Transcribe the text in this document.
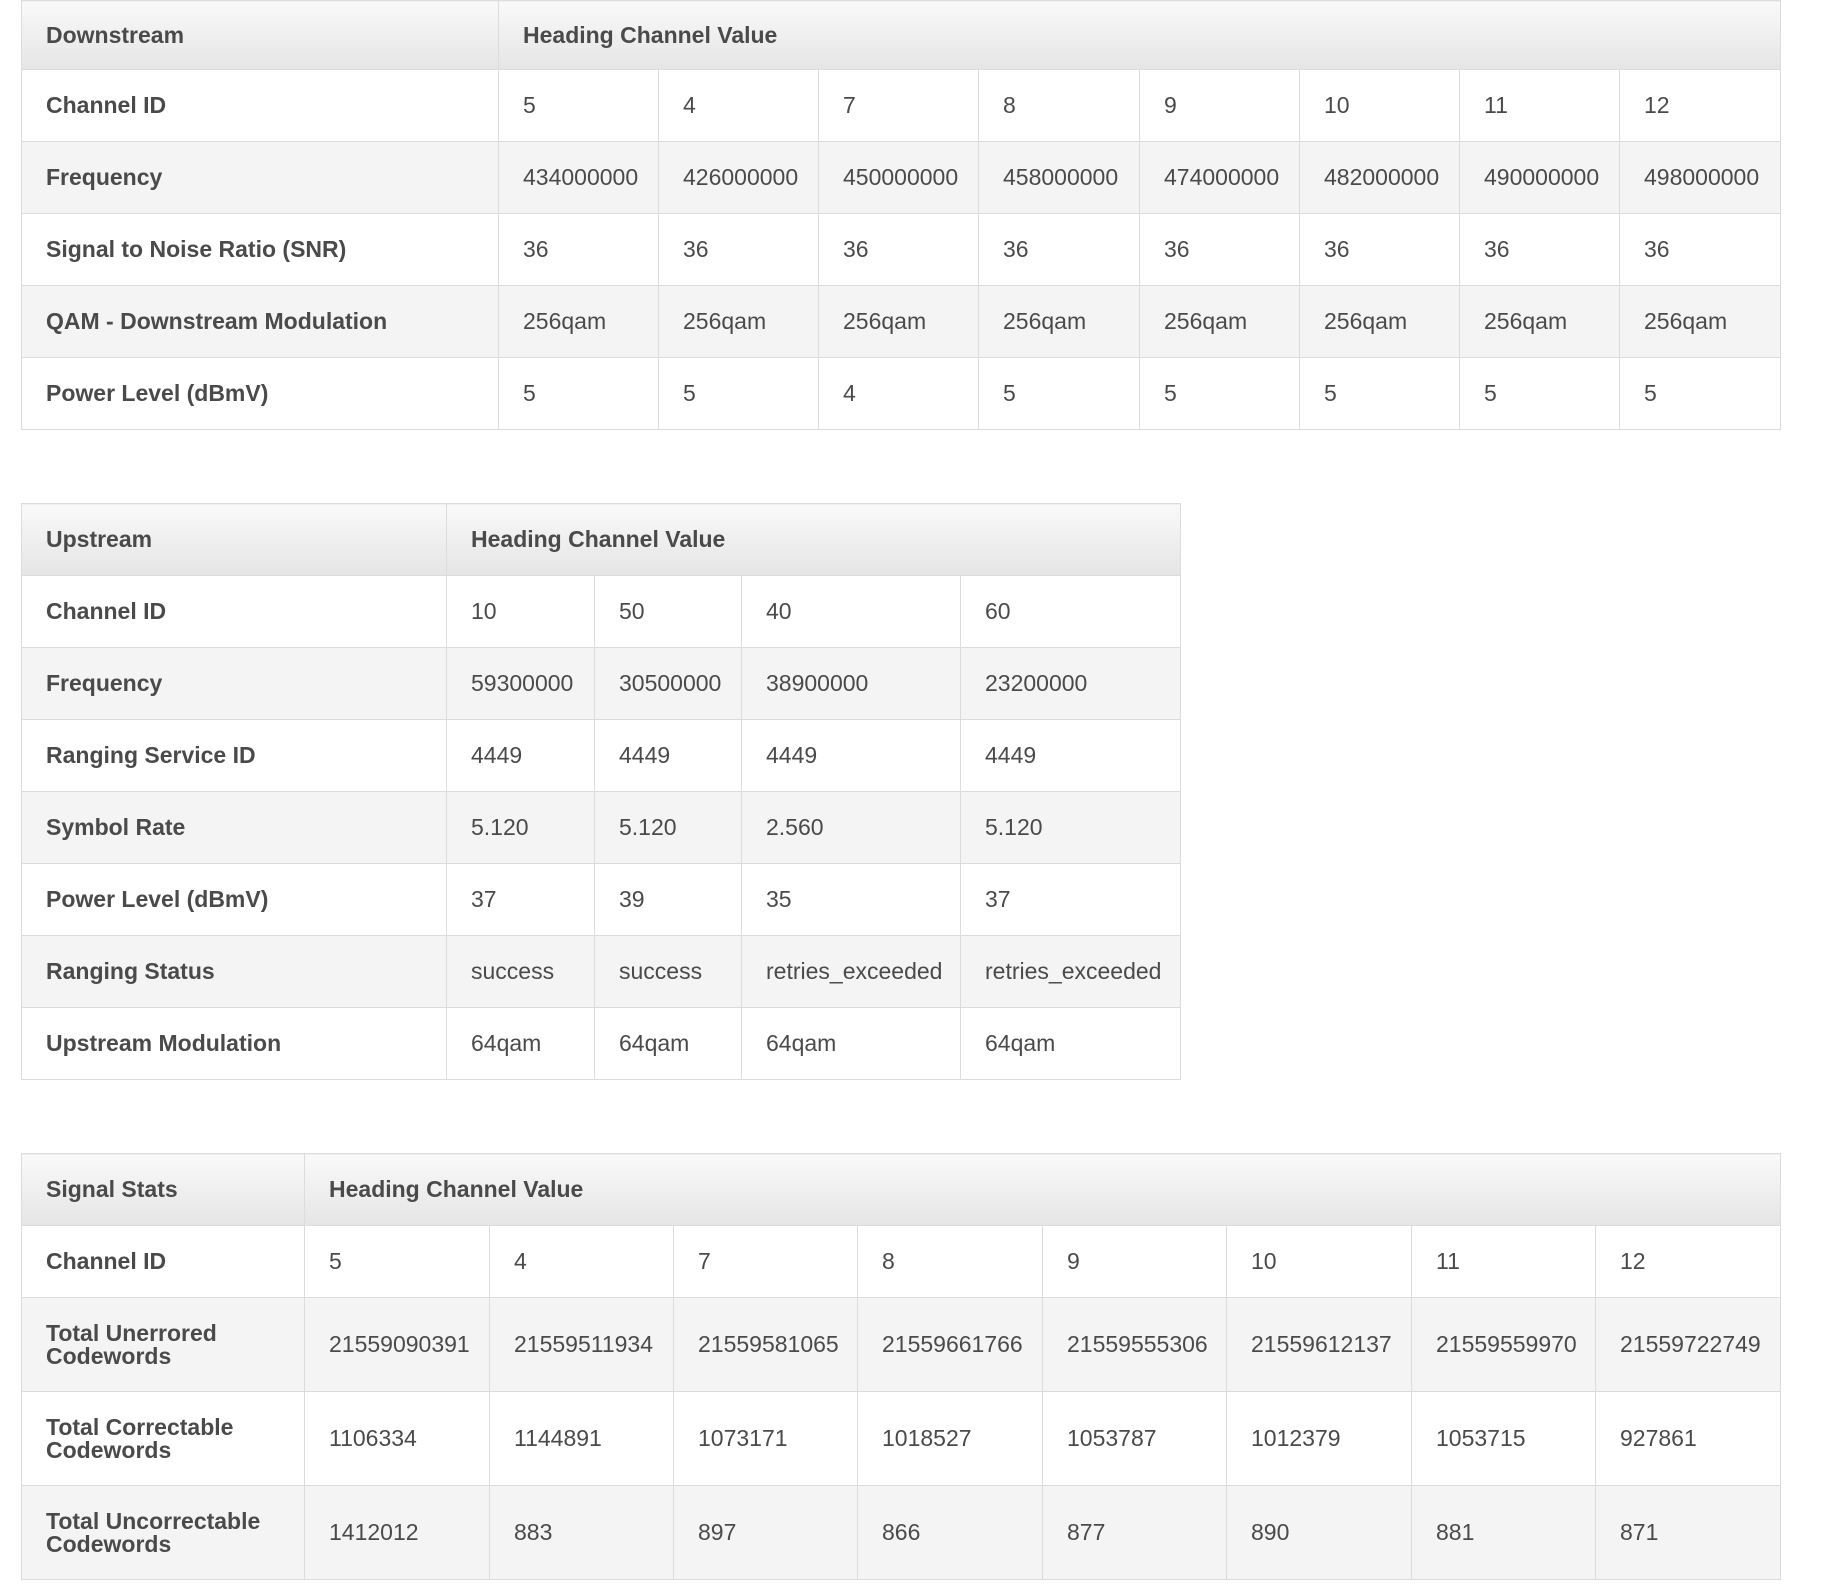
Downstream	Heading Channel Value							
Channel ID	5	4	7	8	9	10	11	12
Frequency	434000000	426000000	450000000	458000000	474000000	482000000	490000000	498000000
Signal to Noise Ratio (SNR)	36	36	36	36	36	36	36	36
QAM - Downstream Modulation	256qam	256qam	256qam	256qam	256qam	256qam	256qam	256qam
Power Level (dBmV)	5	5	4	5	5	5	5	5
Upstream	Heading Channel Value			
Channel ID	10	50	40	60
Frequency	59300000	30500000	38900000	23200000
Ranging Service ID	4449	4449	4449	4449
Symbol Rate	5.120	5.120	2.560	5.120
Power Level (dBmV)	37	39	35	37
Ranging Status	success	success	retries_exceeded	retries_exceeded
Upstream Modulation	64qam	64qam	64qam	64qam
Signal Stats	Heading Channel Value							
Channel ID	5	4	7	8	9	10	11	12
Total Unerrored Codewords	21559090391	21559511934	21559581065	21559661766	21559555306	21559612137	21559559970	21559722749
Total Correctable Codewords	1106334	1144891	1073171	1018527	1053787	1012379	1053715	927861
Total Uncorrectable Codewords	1412012	883	897	866	877	890	881	871
